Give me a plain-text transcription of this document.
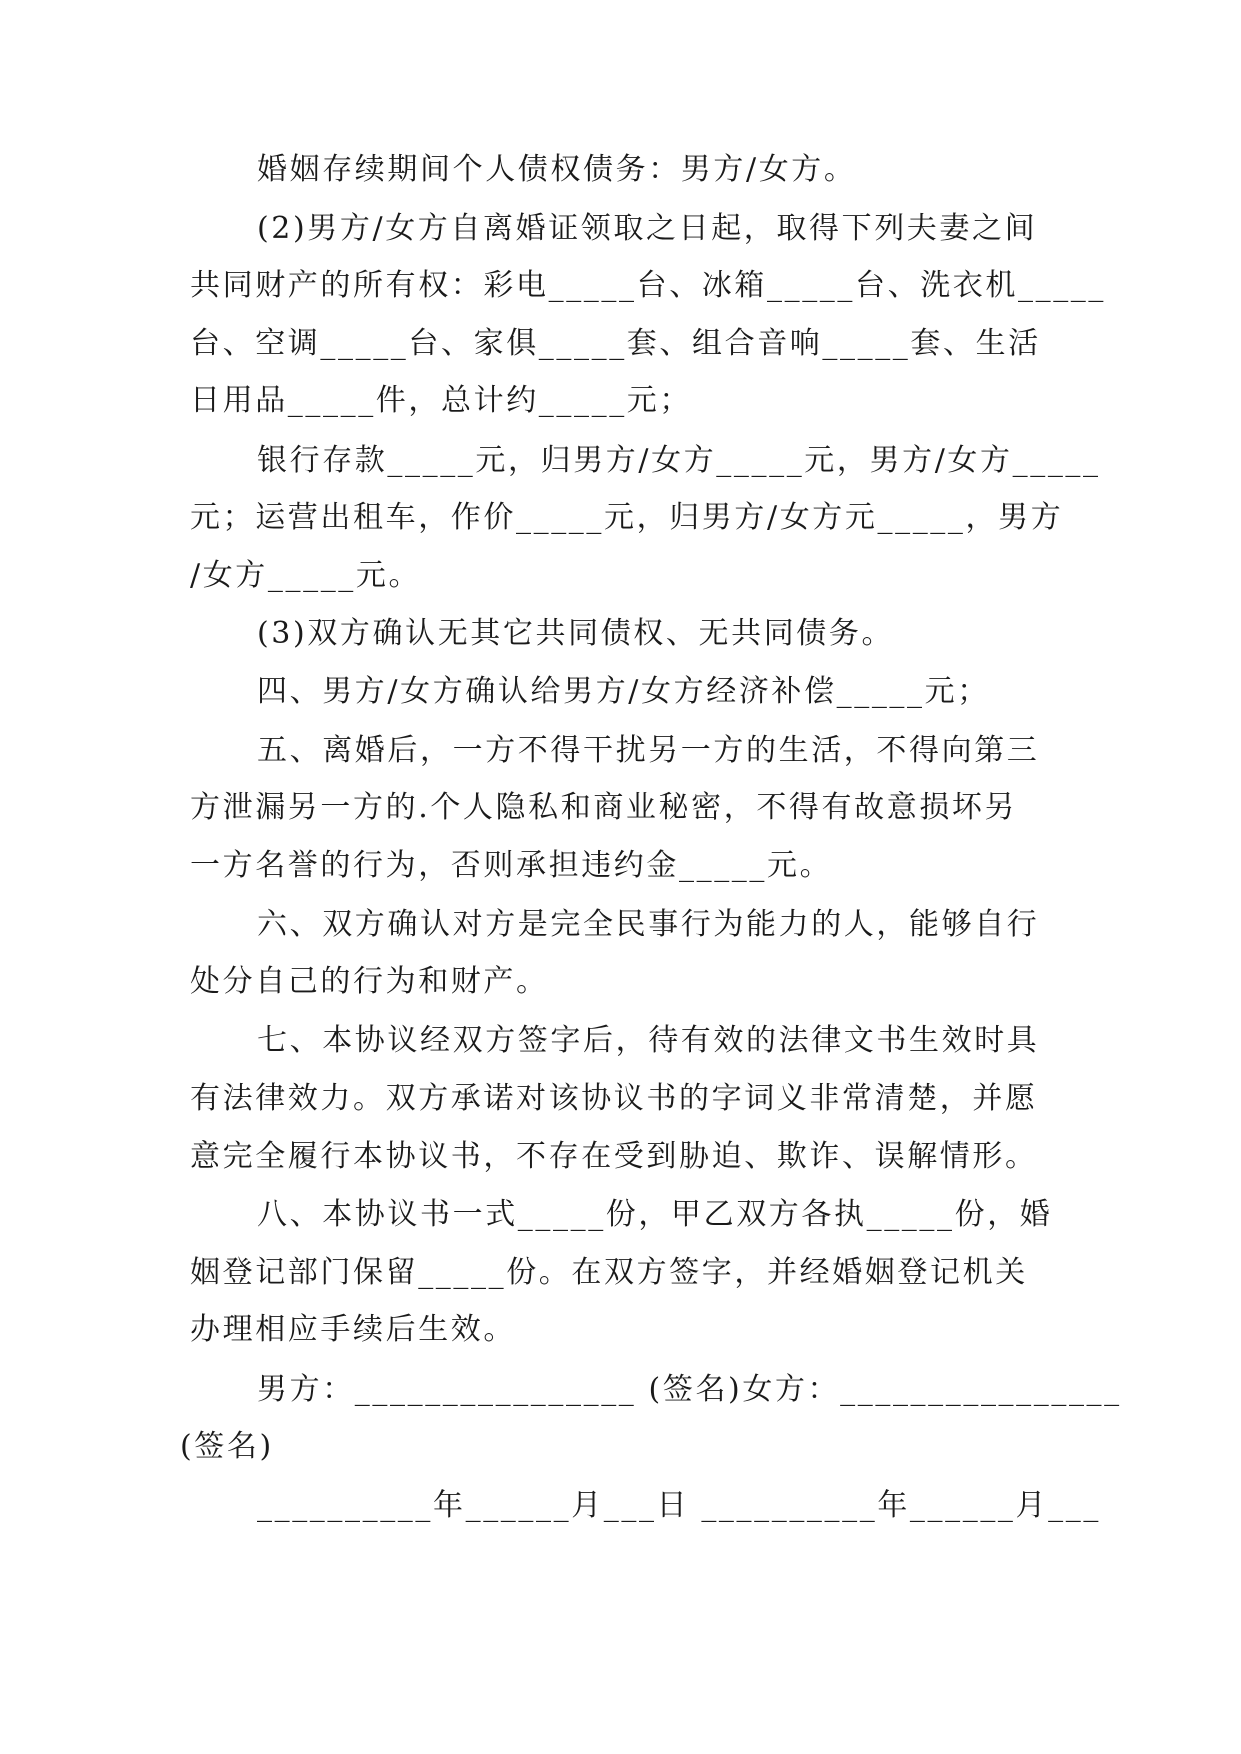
婚姻存续期间个人债权债务：男方/女方。
(2)男方/女方自离婚证领取之日起，取得下列夫妻之间
共同财产的所有权：彩电_____台、冰箱_____台、洗衣机_____
台、空调_____台、家俱_____套、组合音响_____套、生活
日用品_____件，总计约_____元；
银行存款_____元，归男方/女方_____元，男方/女方_____
元；运营出租车，作价_____元，归男方/女方元_____，男方
/女方_____元。
(3)双方确认无其它共同债权、无共同债务。
四、男方/女方确认给男方/女方经济补偿_____元；
五、离婚后，一方不得干扰另一方的生活，不得向第三
方泄漏另一方的.个人隐私和商业秘密，不得有故意损坏另
一方名誉的行为，否则承担违约金_____元。
六、双方确认对方是完全民事行为能力的人，能够自行
处分自己的行为和财产。
七、本协议经双方签字后，待有效的法律文书生效时具
有法律效力。双方承诺对该协议书的字词义非常清楚，并愿
意完全履行本协议书，不存在受到胁迫、欺诈、误解情形。
八、本协议书一式_____份，甲乙双方各执_____份，婚
姻登记部门保留_____份。在双方签字，并经婚姻登记机关
办理相应手续后生效。
男方：________________ (签名)女方：________________
(签名)
__________年______月___日 __________年______月___
